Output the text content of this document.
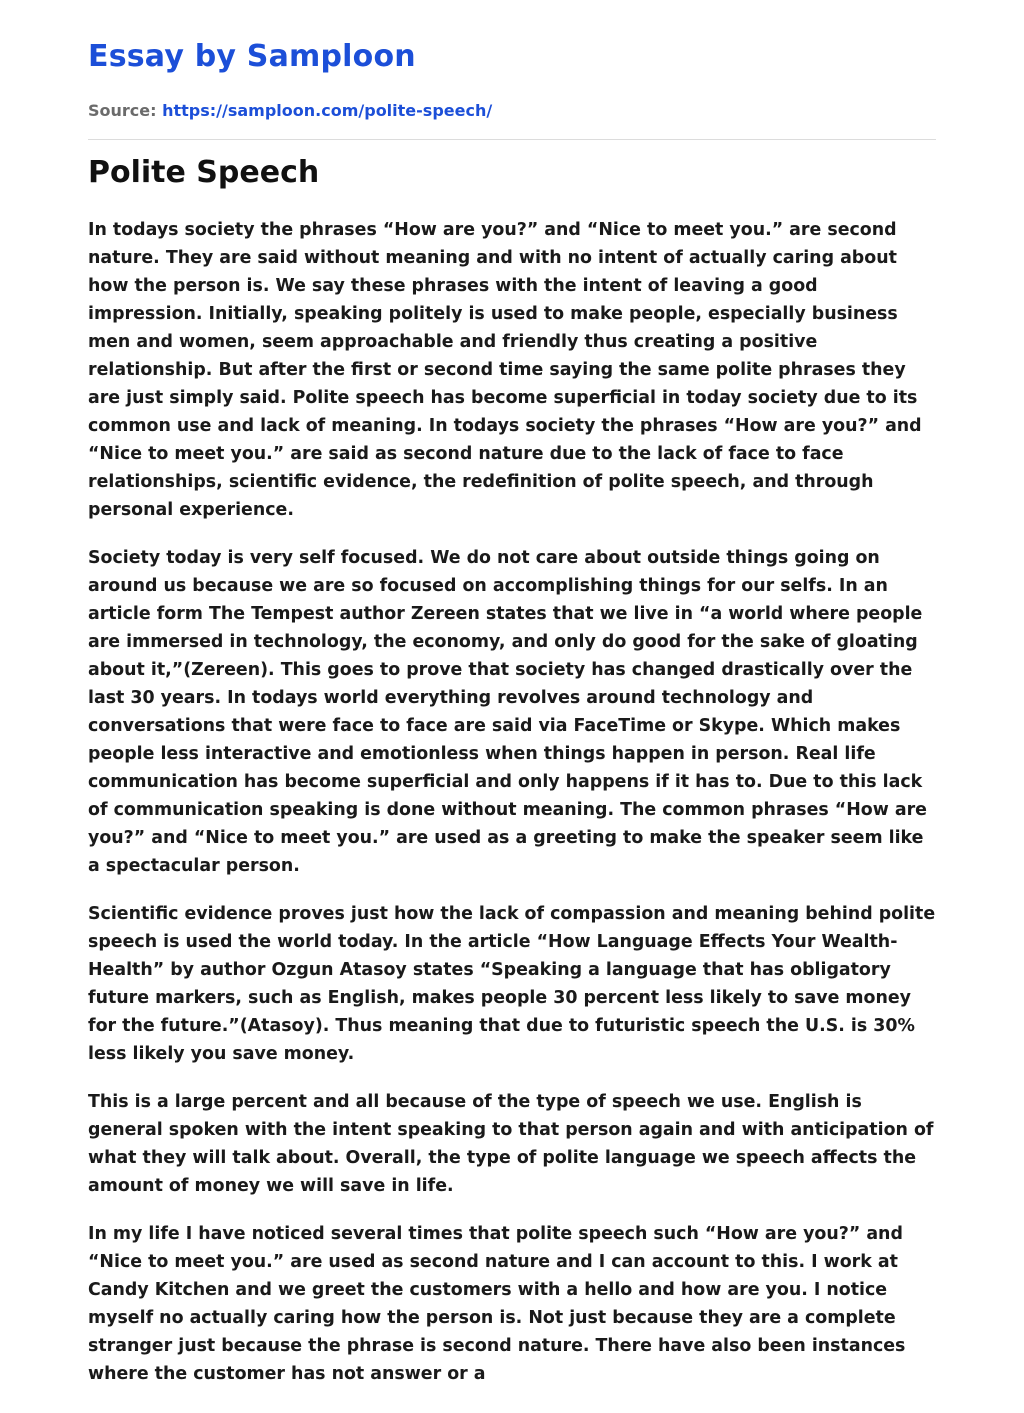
Essay by Samploon
Source: https://samploon.com/polite-speech/
Polite Speech

In todays society the phrases “How are you?” and “Nice to meet you.” are second nature. They are said without meaning and with no intent of actually caring about how the person is. We say these phrases with the intent of leaving a good impression. Initially, speaking politely is used to make people, especially business men and women, seem approachable and friendly thus creating a positive relationship. But after the first or second time saying the same polite phrases they are just simply said. Polite speech has become superficial in today society due to its common use and lack of meaning. In todays society the phrases “How are you?” and “Nice to meet you.” are said as second nature due to the lack of face to face relationships, scientific evidence, the redefinition of polite speech, and through personal experience.

Society today is very self focused. We do not care about outside things going on around us because we are so focused on accomplishing things for our selfs. In an article form The Tempest author Zereen states that we live in “a world where people are immersed in technology, the economy, and only do good for the sake of gloating about it,”(Zereen). This goes to prove that society has changed drastically over the last 30 years. In todays world everything revolves around technology and conversations that were face to face are said via FaceTime or Skype. Which makes people less interactive and emotionless when things happen in person. Real life communication has become superficial and only happens if it has to. Due to this lack of communication speaking is done without meaning. The common phrases “How are you?” and “Nice to meet you.” are used as a greeting to make the speaker seem like a spectacular person.

Scientific evidence proves just how the lack of compassion and meaning behind polite speech is used the world today. In the article “How Language Effects Your Wealth-Health” by author Ozgun Atasoy states “Speaking a language that has obligatory future markers, such as English, makes people 30 percent less likely to save money for the future.”(Atasoy). Thus meaning that due to futuristic speech the U.S. is 30% less likely you save money.

This is a large percent and all because of the type of speech we use. English is general spoken with the intent speaking to that person again and with anticipation of what they will talk about. Overall, the type of polite language we speech affects the amount of money we will save in life.

In my life I have noticed several times that polite speech such “How are you?” and “Nice to meet you.” are used as second nature and I can account to this. I work at Candy Kitchen and we greet the customers with a hello and how are you. I notice myself no actually caring how the person is. Not just because they are a complete stranger just because the phrase is second nature. There have also been instances where the customer has not answer or a
